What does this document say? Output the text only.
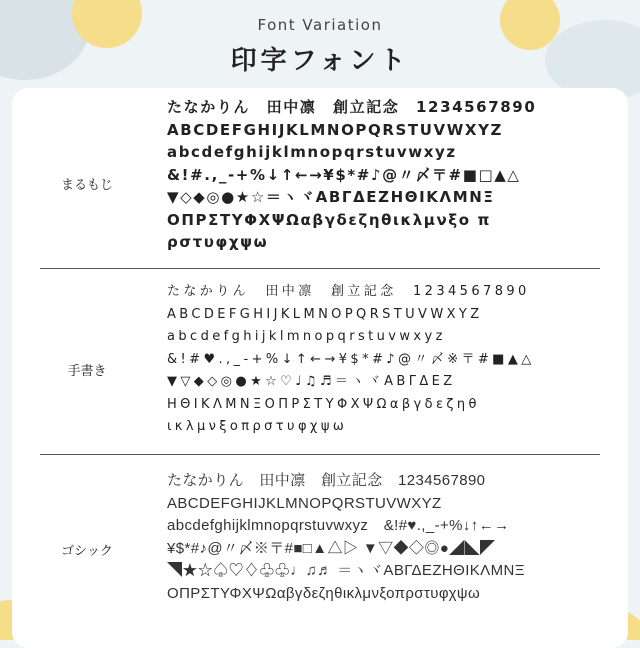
Font Variation
印字フォント
まるもじ
たなかりん　田中凛　創立記念　1234567890
ABCDEFGHIJKLMNOPQRSTUVWXYZ
abcdefghijklmnopqrstuvwxyz
&!#.,_-+%↓↑←→¥$*#♪@〃〆〒#■□▲△
▼◇◆◎●★☆＝ヽヾΑΒΓΔΕΖΗΘΙΚΛΜΝΞ
ΟΠΡΣΤΥΦΧΨΩαβγδεζηθικλμνξο π
ρστυφχψω
手書き
たなかりん　田中凛　創立記念　1234567890
ABCDEFGHIJKLMNOPQRSTUVWXYZ
abcdefghijklmnopqrstuvwxyz
&!#♥.,_-+%↓↑←→¥$*#♪@〃〆※〒#■▲△
▼▽◆◇◎●★☆♡♩♫♬＝ヽヾΑΒΓΔΕΖ
ΗΘΙΚΛΜΝΞΟΠΡΣΤΥΦΧΨΩαβγδεζηθ
ικλμνξοπρστυφχψω
ゴシック
たなかりん　田中凛　創立記念　1234567890
ABCDEFGHIJKLMNOPQRSTUVWXYZ
abcdefghijklmnopqrstuvwxyz　&!#♥.,_-+%↓↑←→
¥$*#♪@〃〆※〒#■□▲△▷ ▼▽◆◇◎●◢◣◤
◥★☆♤♡♢♧♧♩♫♬ ＝ヽヾΑΒΓΔΕΖΗΘΙΚΛΜΝΞ
ΟΠΡΣΤΥΦΧΨΩαβγδεζηθικλμνξοπρστυφχψω
